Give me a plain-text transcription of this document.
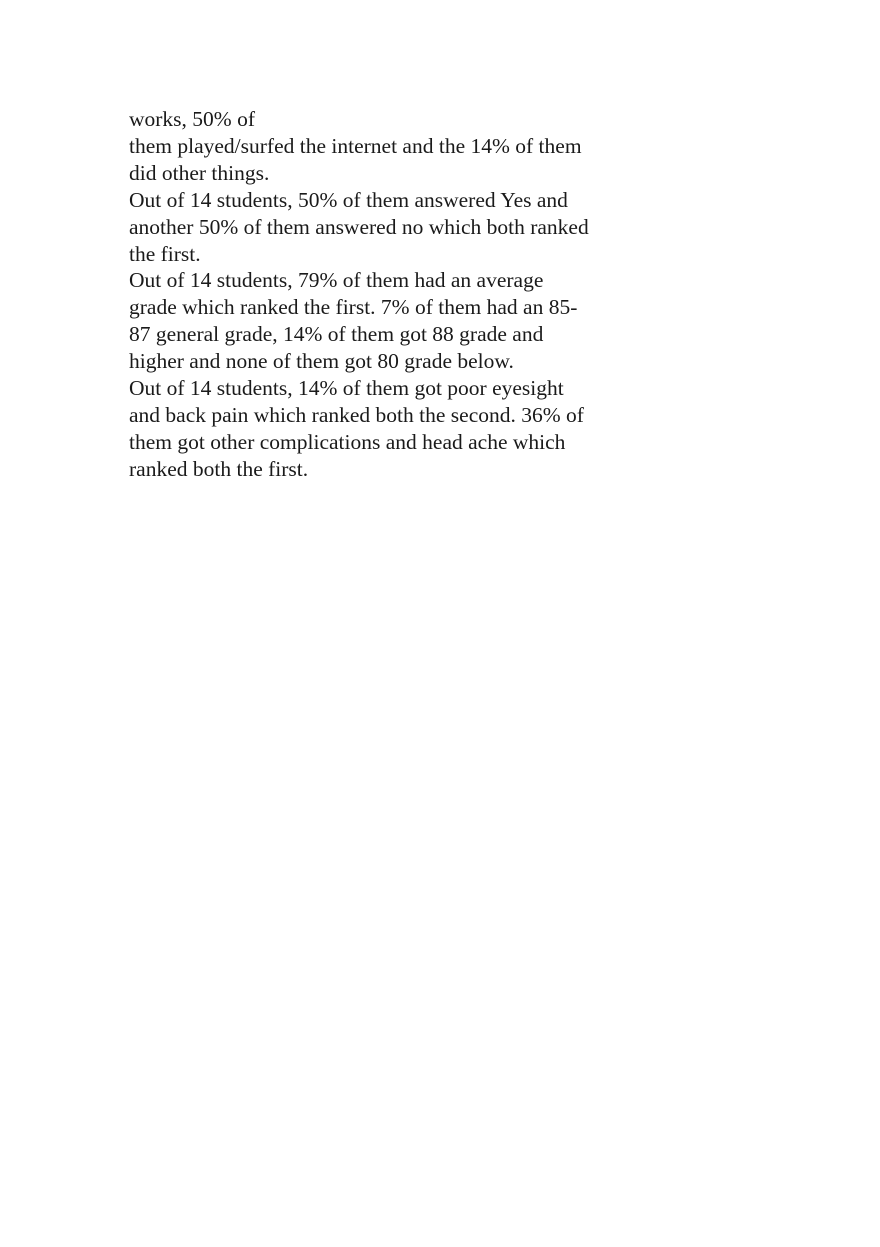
works, 50% of
them played/surfed the internet and the 14% of them
did other things.
Out of 14 students, 50% of them answered Yes and
another 50% of them answered no which both ranked
the first.
Out of 14 students, 79% of them had an average
grade which ranked the first. 7% of them had an 85-
87 general grade, 14% of them got 88 grade and
higher and none of them got 80 grade below.
Out of 14 students, 14% of them got poor eyesight
and back pain which ranked both the second. 36% of
them got other complications and head ache which
ranked both the first.
